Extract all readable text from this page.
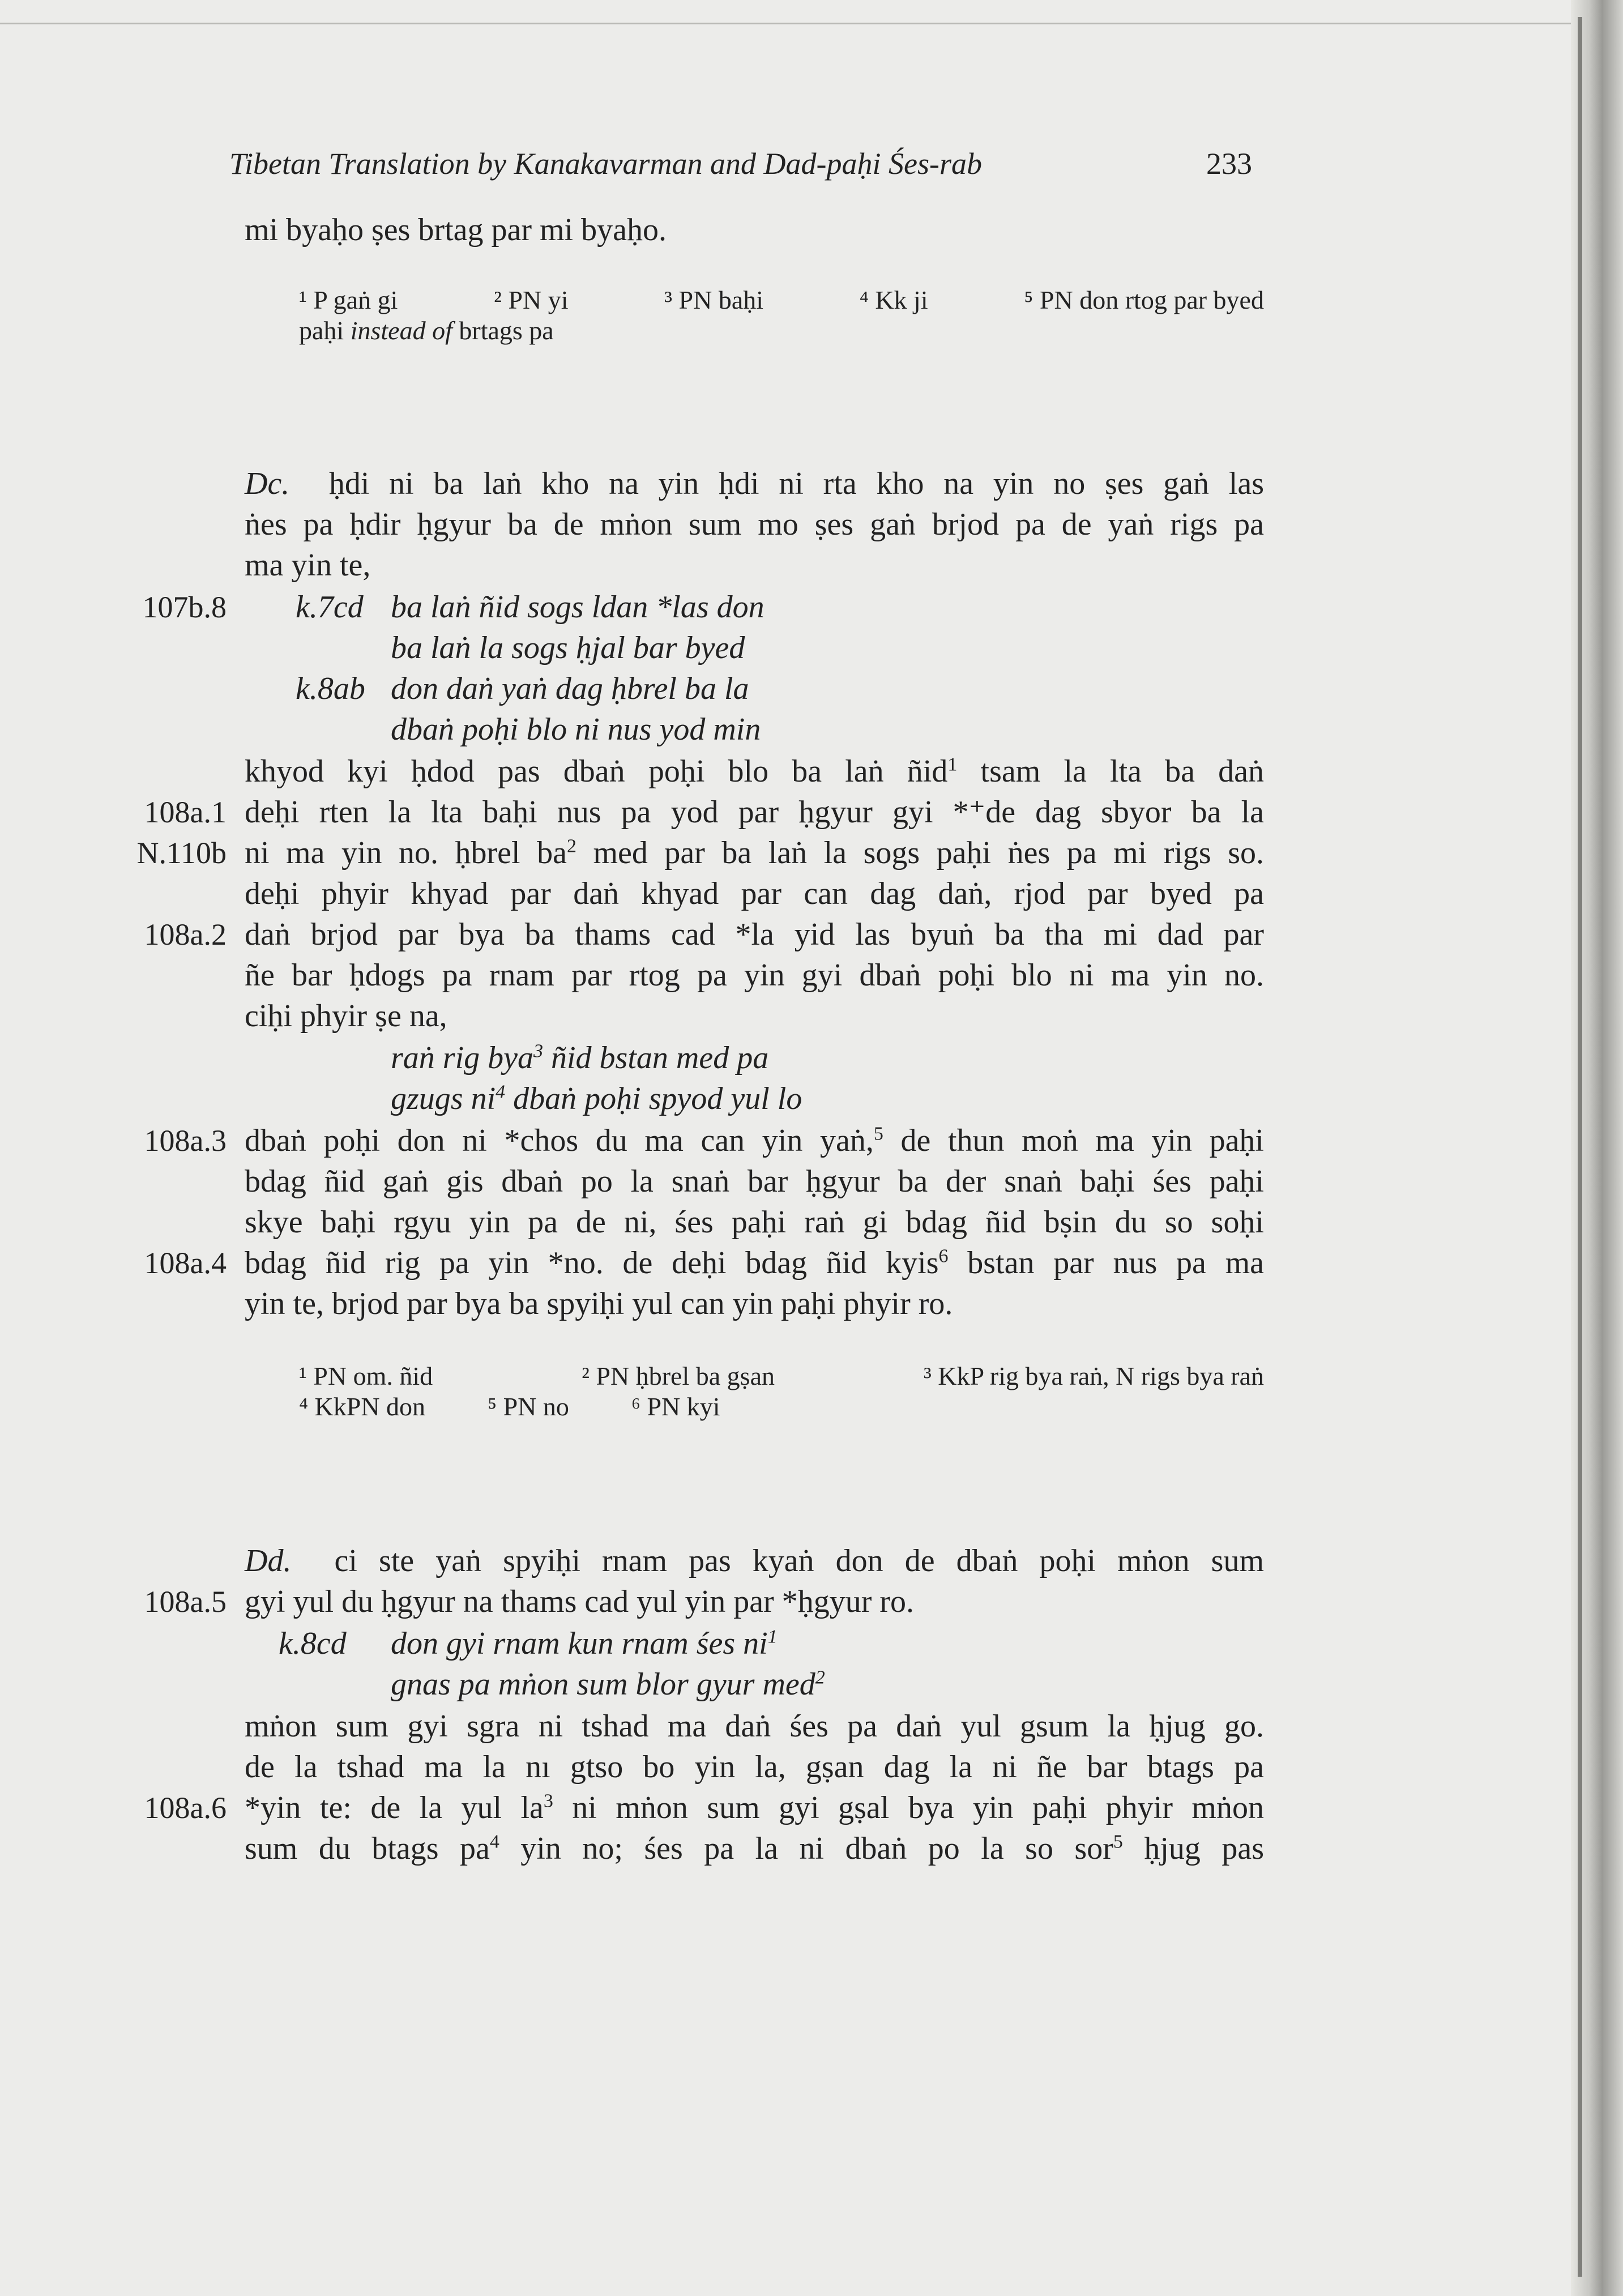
Tibetan Translation by Kanakavarman and Dad-paḥi Śes-rab	233
mi byaḥo ṣes brtag par mi byaḥo.
¹ P gaṅ gi	² PN yi	³ PN baḥi	⁴ Kk ji	⁵ PN don rtog par byed
paḥi instead of brtags pa
Dc. ḥdi ni ba laṅ kho na yin ḥdi ni rta kho na yin no ṣes gaṅ las
ṅes pa ḥdir ḥgyur ba de mṅon sum mo ṣes gaṅ brjod pa de yaṅ rigs pa
ma yin te,
107b.8 k.7cd ba laṅ ñid sogs ldan *las don
ba laṅ la sogs ḥjal bar byed
k.8ab don daṅ yaṅ dag ḥbrel ba la
dbaṅ poḥi blo ni nus yod min
khyod kyi ḥdod pas dbaṅ poḥi blo ba laṅ ñid$^1$ tsam la lta ba daṅ
108a.1 deḥi rten la lta baḥi nus pa yod par ḥgyur gyi *⁺de dag sbyor ba la
N.110b ni ma yin no. ḥbrel $ba^2$ med par ba laṅ la sogs paḥi ṅes pa mi rigs so.
deḥi phyir khyad par daṅ khyad par can dag daṅ, rjod par byed pa
108a.2 daṅ brjod par bya ba thams cad *la yid las byuṅ ba tha mi dad par
ñe bar ḥdogs pa rnam par rtog pa yin gyi dbaṅ poḥi blo ni ma yin no.
ciḥi phyir ṣe na,
raṅ rig bya$^3$ ñid bstan med pa
gzugs $ni^4$ dbaṅ poḥi spyod yul lo
108a.3 dbaṅ poḥi don ni *chos du ma can yin yaṅ,$^5$ de thun moṅ ma yin paḥi
bdag ñid gaṅ gis dbaṅ po la snaṅ bar ḥgyur ba der snaṅ baḥi śes paḥi
skye baḥi rgyu yin pa de ni, śes paḥi raṅ gi bdag ñid bṣin du so soḥi
108a.4 bdag ñid rig pa yin *no. de deḥi bdag ñid kyis$^6$ bstan par nus pa ma
yin te, brjod par bya ba spyiḥi yul can yin paḥi phyir ro.
¹ PN om. ñid	² PN ḥbrel ba gṣan	³ KkP rig bya raṅ, N rigs bya raṅ
⁴ KkPN don ⁵ PN no ⁶ PN kyi
Dd. ci ste yaṅ spyiḥi rnam pas kyaṅ don de dbaṅ poḥi mṅon sum
108a.5 gyi yul du ḥgyur na thams cad yul yin par *ḥgyur ro.
k.8cd don gyi rnam kun rnam śes $ni^1$
gnas pa mṅon sum blor gyur med$^2$
mṅon sum gyi sgra ni tshad ma daṅ śes pa daṅ yul gsum la ḥjug go.
de la tshad ma la nı gtso bo yin la, gṣan dag la ni ñe bar btags pa
108a.6 *yin te: de la yul $la^3$ ni mṅon sum gyi gṣal bya yin paḥi phyir mṅon
sum du btags $pa^4$ yin no; śes pa la ni dbaṅ po la so sor$^5$ ḥjug pas
